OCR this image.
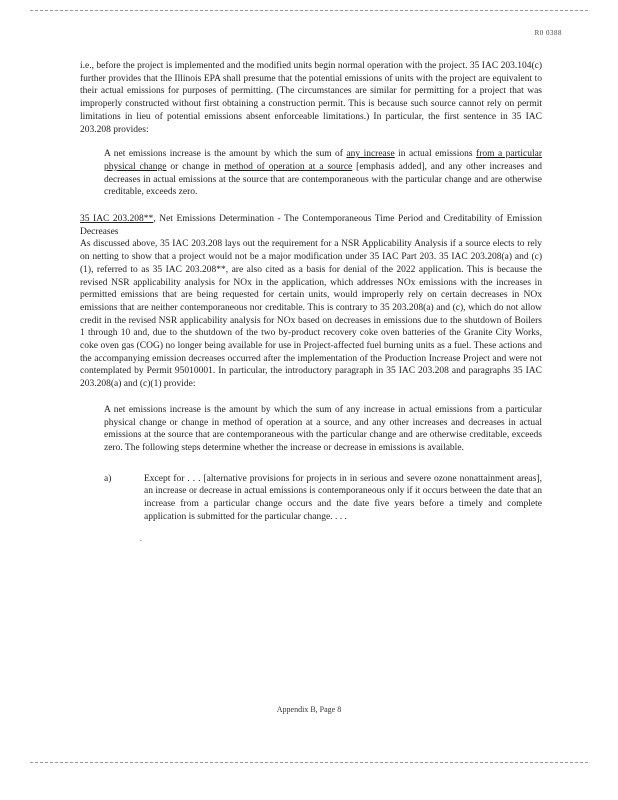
R0 0388

i.e., before the project is implemented and the modified units begin normal operation with the project. 35 IAC 203.104(c) further provides that the Illinois EPA shall presume that the potential emissions of units with the project are equivalent to their actual emissions for purposes of permitting. (The circumstances are similar for permitting for a project that was improperly constructed without first obtaining a construction permit. This is because such source cannot rely on permit limitations in lieu of potential emissions absent enforceable limitations.) In particular, the first sentence in 35 IAC 203.208 provides:

A net emissions increase is the amount by which the sum of any increase in actual emissions from a particular physical change or change in method of operation at a source [emphasis added], and any other increases and decreases in actual emissions at the source that are contemporaneous with the particular change and are otherwise creditable, exceeds zero.

35 IAC 203.208**, Net Emissions Determination - The Contemporaneous Time Period and Creditability of Emission Decreases

As discussed above, 35 IAC 203.208 lays out the requirement for a NSR Applicability Analysis if a source elects to rely on netting to show that a project would not be a major modification under 35 IAC Part 203. 35 IAC 203.208(a) and (c)(1), referred to as 35 IAC 203.208**, are also cited as a basis for denial of the 2022 application. This is because the revised NSR applicability analysis for NOx in the application, which addresses NOx emissions with the increases in permitted emissions that are being requested for certain units, would improperly rely on certain decreases in NOx emissions that are neither contemporaneous nor creditable. This is contrary to 35 203.208(a) and (c), which do not allow credit in the revised NSR applicability analysis for NOx based on decreases in emissions due to the shutdown of Boilers 1 through 10 and, due to the shutdown of the two by-product recovery coke oven batteries of the Granite City Works, coke oven gas (COG) no longer being available for use in Project-affected fuel burning units as a fuel. These actions and the accompanying emission decreases occurred after the implementation of the Production Increase Project and were not contemplated by Permit 95010001. In particular, the introductory paragraph in 35 IAC 203.208 and paragraphs 35 IAC 203.208(a) and (c)(1) provide:

A net emissions increase is the amount by which the sum of any increase in actual emissions from a particular physical change or change in method of operation at a source, and any other increases and decreases in actual emissions at the source that are contemporaneous with the particular change and are otherwise creditable, exceeds zero. The following steps determine whether the increase or decrease in emissions is available.

a)	Except for . . . [alternative provisions for projects in in serious and severe ozone nonattainment areas], an increase or decrease in actual emissions is contemporaneous only if it occurs between the date that an increase from a particular change occurs and the date five years before a timely and complete application is submitted for the particular change. . . .

.
Appendix B, Page 8
